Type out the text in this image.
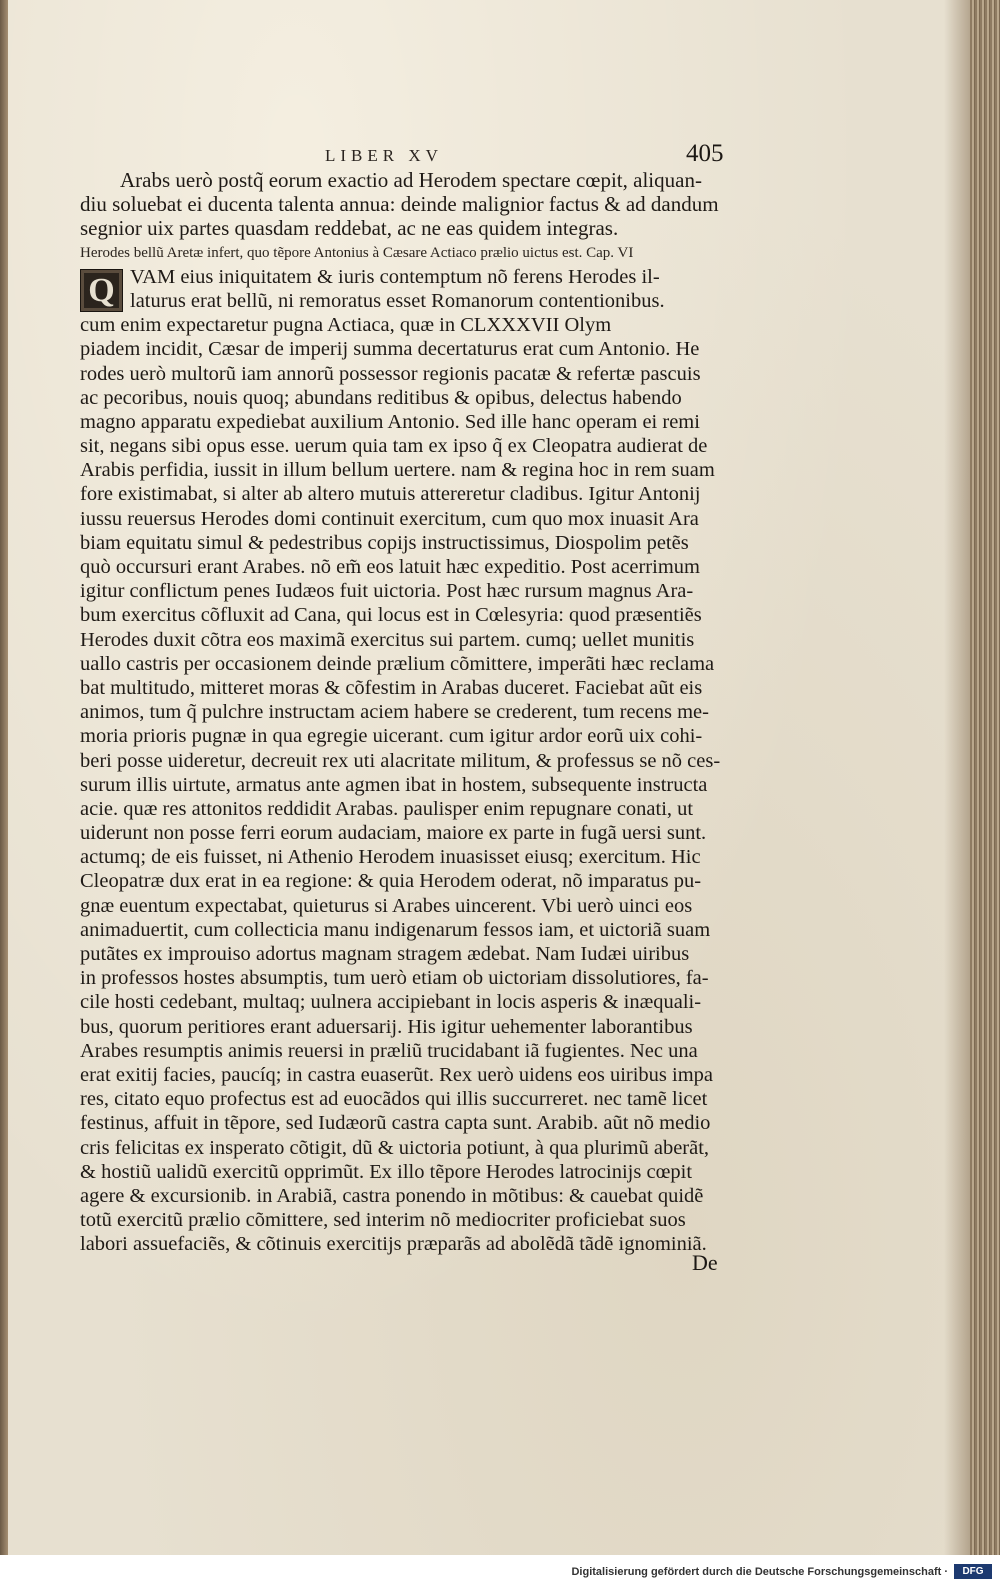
LIBER XV	405
Arabs uerò postq̃ eorum exactio ad Herodem spectare cœpit, aliquan-
diu soluebat ei ducenta talenta annua: deinde malignior factus & ad dandum
segnior uix partes quasdam reddebat, ac ne eas quidem integras.
Herodes bellũ Aretæ infert, quo tẽpore Antonius à Cæsare Actiaco prælio uictus est. Cap. VI
Q VAM eius iniquitatem & iuris contemptum nõ ferens Herodes il-
laturus erat bellũ, ni remoratus esset Romanorum contentionibus.
cum enim expectaretur pugna Actiaca, quæ in CLXXXVII Olym
piadem incidit, Cæsar de imperij summa decertaturus erat cum Antonio. He
rodes uerò multorũ iam annorũ possessor regionis pacatæ & refertæ pascuis
ac pecoribus, nouis quoq; abundans reditibus & opibus, delectus habendo
magno apparatu expediebat auxilium Antonio. Sed ille hanc operam ei remi
sit, negans sibi opus esse. uerum quia tam ex ipso q̃ ex Cleopatra audierat de
Arabis perfidia, iussit in illum bellum uertere. nam & regina hoc in rem suam
fore existimabat, si alter ab altero mutuis attereretur cladibus. Igitur Antonij
iussu reuersus Herodes domi continuit exercitum, cum quo mox inuasit Ara
biam equitatu simul & pedestribus copijs instructissimus, Diospolim petẽs
quò occursuri erant Arabes. nõ em̃ eos latuit hæc expeditio. Post acerrimum
igitur conflictum penes Iudæos fuit uictoria. Post hæc rursum magnus Ara-
bum exercitus cõfluxit ad Cana, qui locus est in Cœlesyria: quod præsentiẽs
Herodes duxit cõtra eos maximã exercitus sui partem. cumq; uellet munitis
uallo castris per occasionem deinde prælium cõmittere, imperãti hæc reclama
bat multitudo, mitteret moras & cõfestim in Arabas duceret. Faciebat aũt eis
animos, tum q̃ pulchre instructam aciem habere se crederent, tum recens me-
moria prioris pugnæ in qua egregie uicerant. cum igitur ardor eorũ uix cohi-
beri posse uideretur, decreuit rex uti alacritate militum, & professus se nõ ces-
surum illis uirtute, armatus ante agmen ibat in hostem, subsequente instructa
acie. quæ res attonitos reddidit Arabas. paulisper enim repugnare conati, ut
uiderunt non posse ferri eorum audaciam, maiore ex parte in fugã uersi sunt.
actumq; de eis fuisset, ni Athenio Herodem inuasisset eiusq; exercitum. Hic
Cleopatræ dux erat in ea regione: & quia Herodem oderat, nõ imparatus pu-
gnæ euentum expectabat, quieturus si Arabes uincerent. Vbi uerò uinci eos
animaduertit, cum collecticia manu indigenarum fessos iam, et uictoriã suam
putãtes ex improuiso adortus magnam stragem ædebat. Nam Iudæi uiribus
in professos hostes absumptis, tum uerò etiam ob uictoriam dissolutiores, fa-
cile hosti cedebant, multaq; uulnera accipiebant in locis asperis & inæquali-
bus, quorum peritiores erant aduersarij. His igitur uehementer laborantibus
Arabes resumptis animis reuersi in præliũ trucidabant iã fugientes. Nec una
erat exitij facies, paucíq; in castra euaserũt. Rex uerò uidens eos uiribus impa
res, citato equo profectus est ad euocãdos qui illis succurreret. nec tamẽ licet
festinus, affuit in tẽpore, sed Iudæorũ castra capta sunt. Arabib. aũt nõ medio
cris felicitas ex insperato cõtigit, dũ & uictoria potiunt, à qua plurimũ aberãt,
& hostiũ ualidũ exercitũ opprimũt. Ex illo tẽpore Herodes latrocinijs cœpit
agere & excursionib. in Arabiã, castra ponendo in mõtibus: & cauebat quidẽ
totũ exercitũ prælio cõmittere, sed interim nõ mediocriter proficiebat suos
labori assuefaciẽs, & cõtinuis exercitijs præparãs ad abolẽdã tãdẽ ignominiã.
De
Digitalisierung gefördert durch die Deutsche Forschungsgemeinschaft ·	DFG
